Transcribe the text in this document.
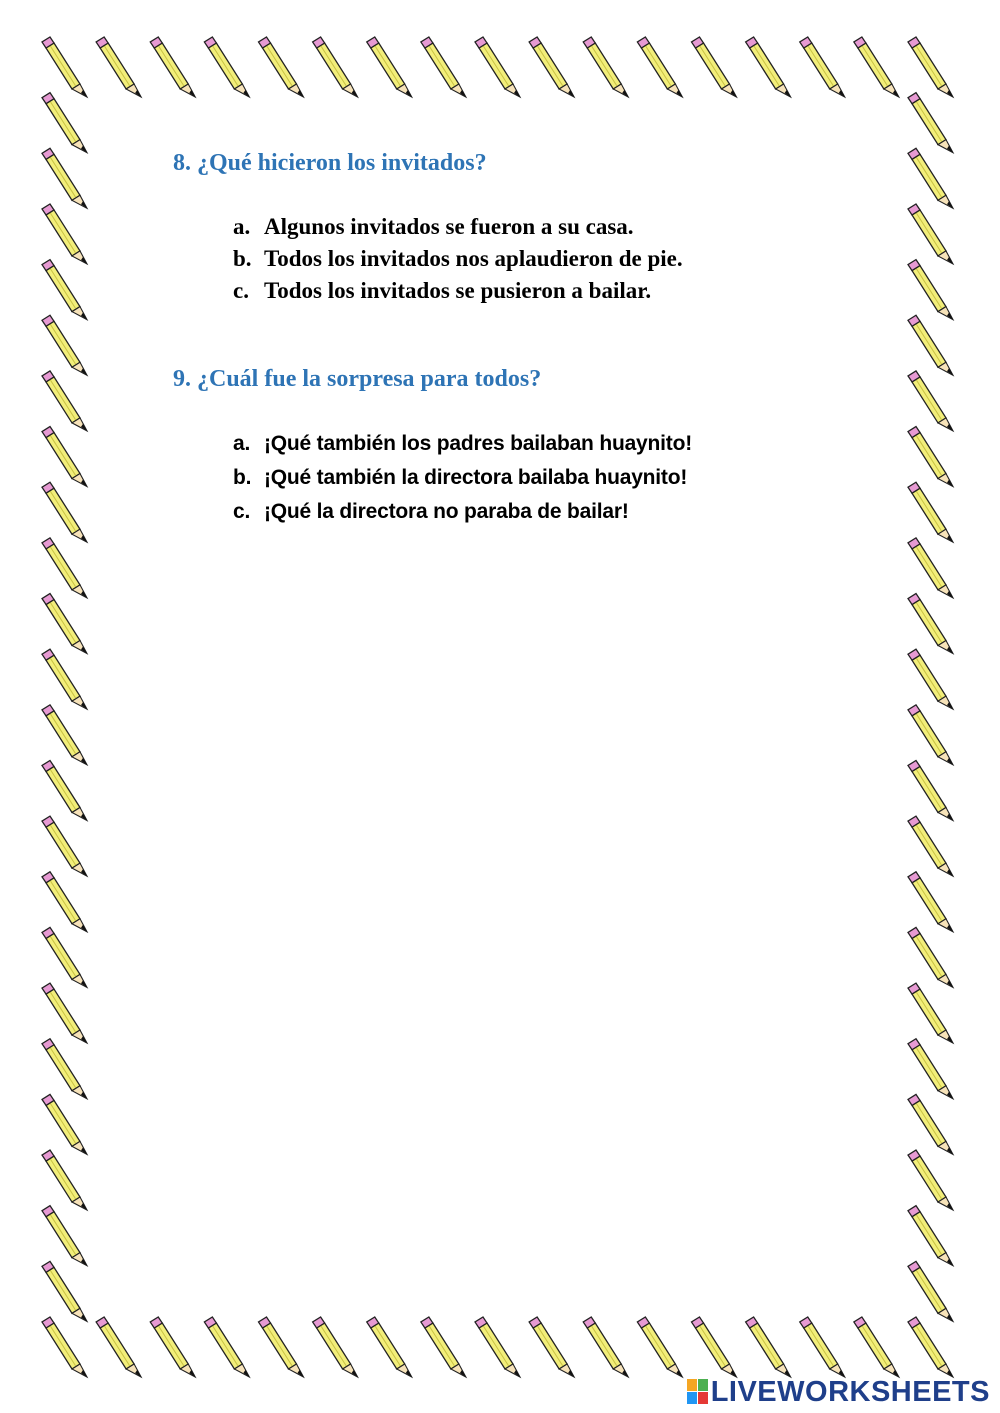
8. ¿Qué hicieron los invitados?

a. Algunos invitados se fueron a su casa.
b. Todos los invitados nos aplaudieron de pie.
c. Todos los invitados se pusieron a bailar.

9. ¿Cuál fue la sorpresa para todos?

a. ¡Qué también los padres bailaban huaynito!
b. ¡Qué también la directora bailaba huaynito!
c. ¡Qué la directora no paraba de bailar!
LIVEWORKSHEETS
